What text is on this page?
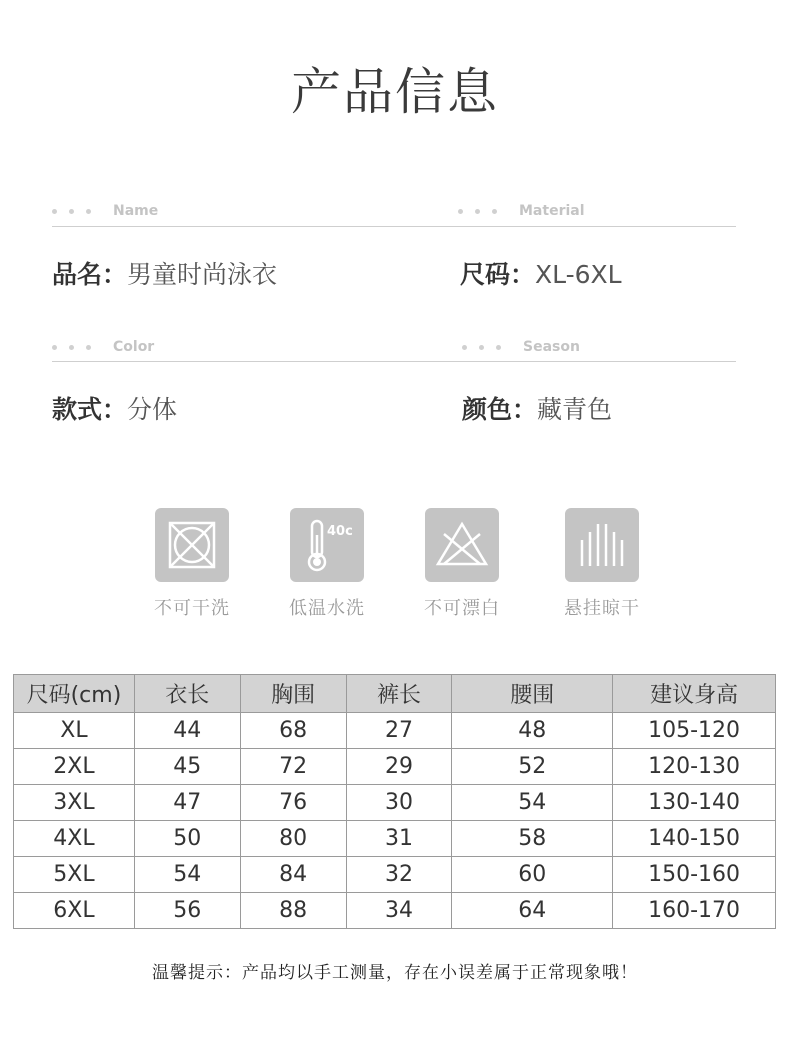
产品信息
Name
品名：男童时尚泳衣
Material
尺码：XL-6XL
Color
款式：分体
Season
颜色：藏青色
不可干洗
40c
低温水洗	不可漂白	悬挂晾干
尺码(cm)	衣长	胸围	裤长	腰围	建议身高
XL	44	68	27	48	105-120
2XL	45	72	29	52	120-130
3XL	47	76	30	54	130-140
4XL	50	80	31	58	140-150
5XL	54	84	32	60	150-160
6XL	56	88	34	64	160-170
温馨提示：产品均以手工测量，存在小误差属于正常现象哦！
